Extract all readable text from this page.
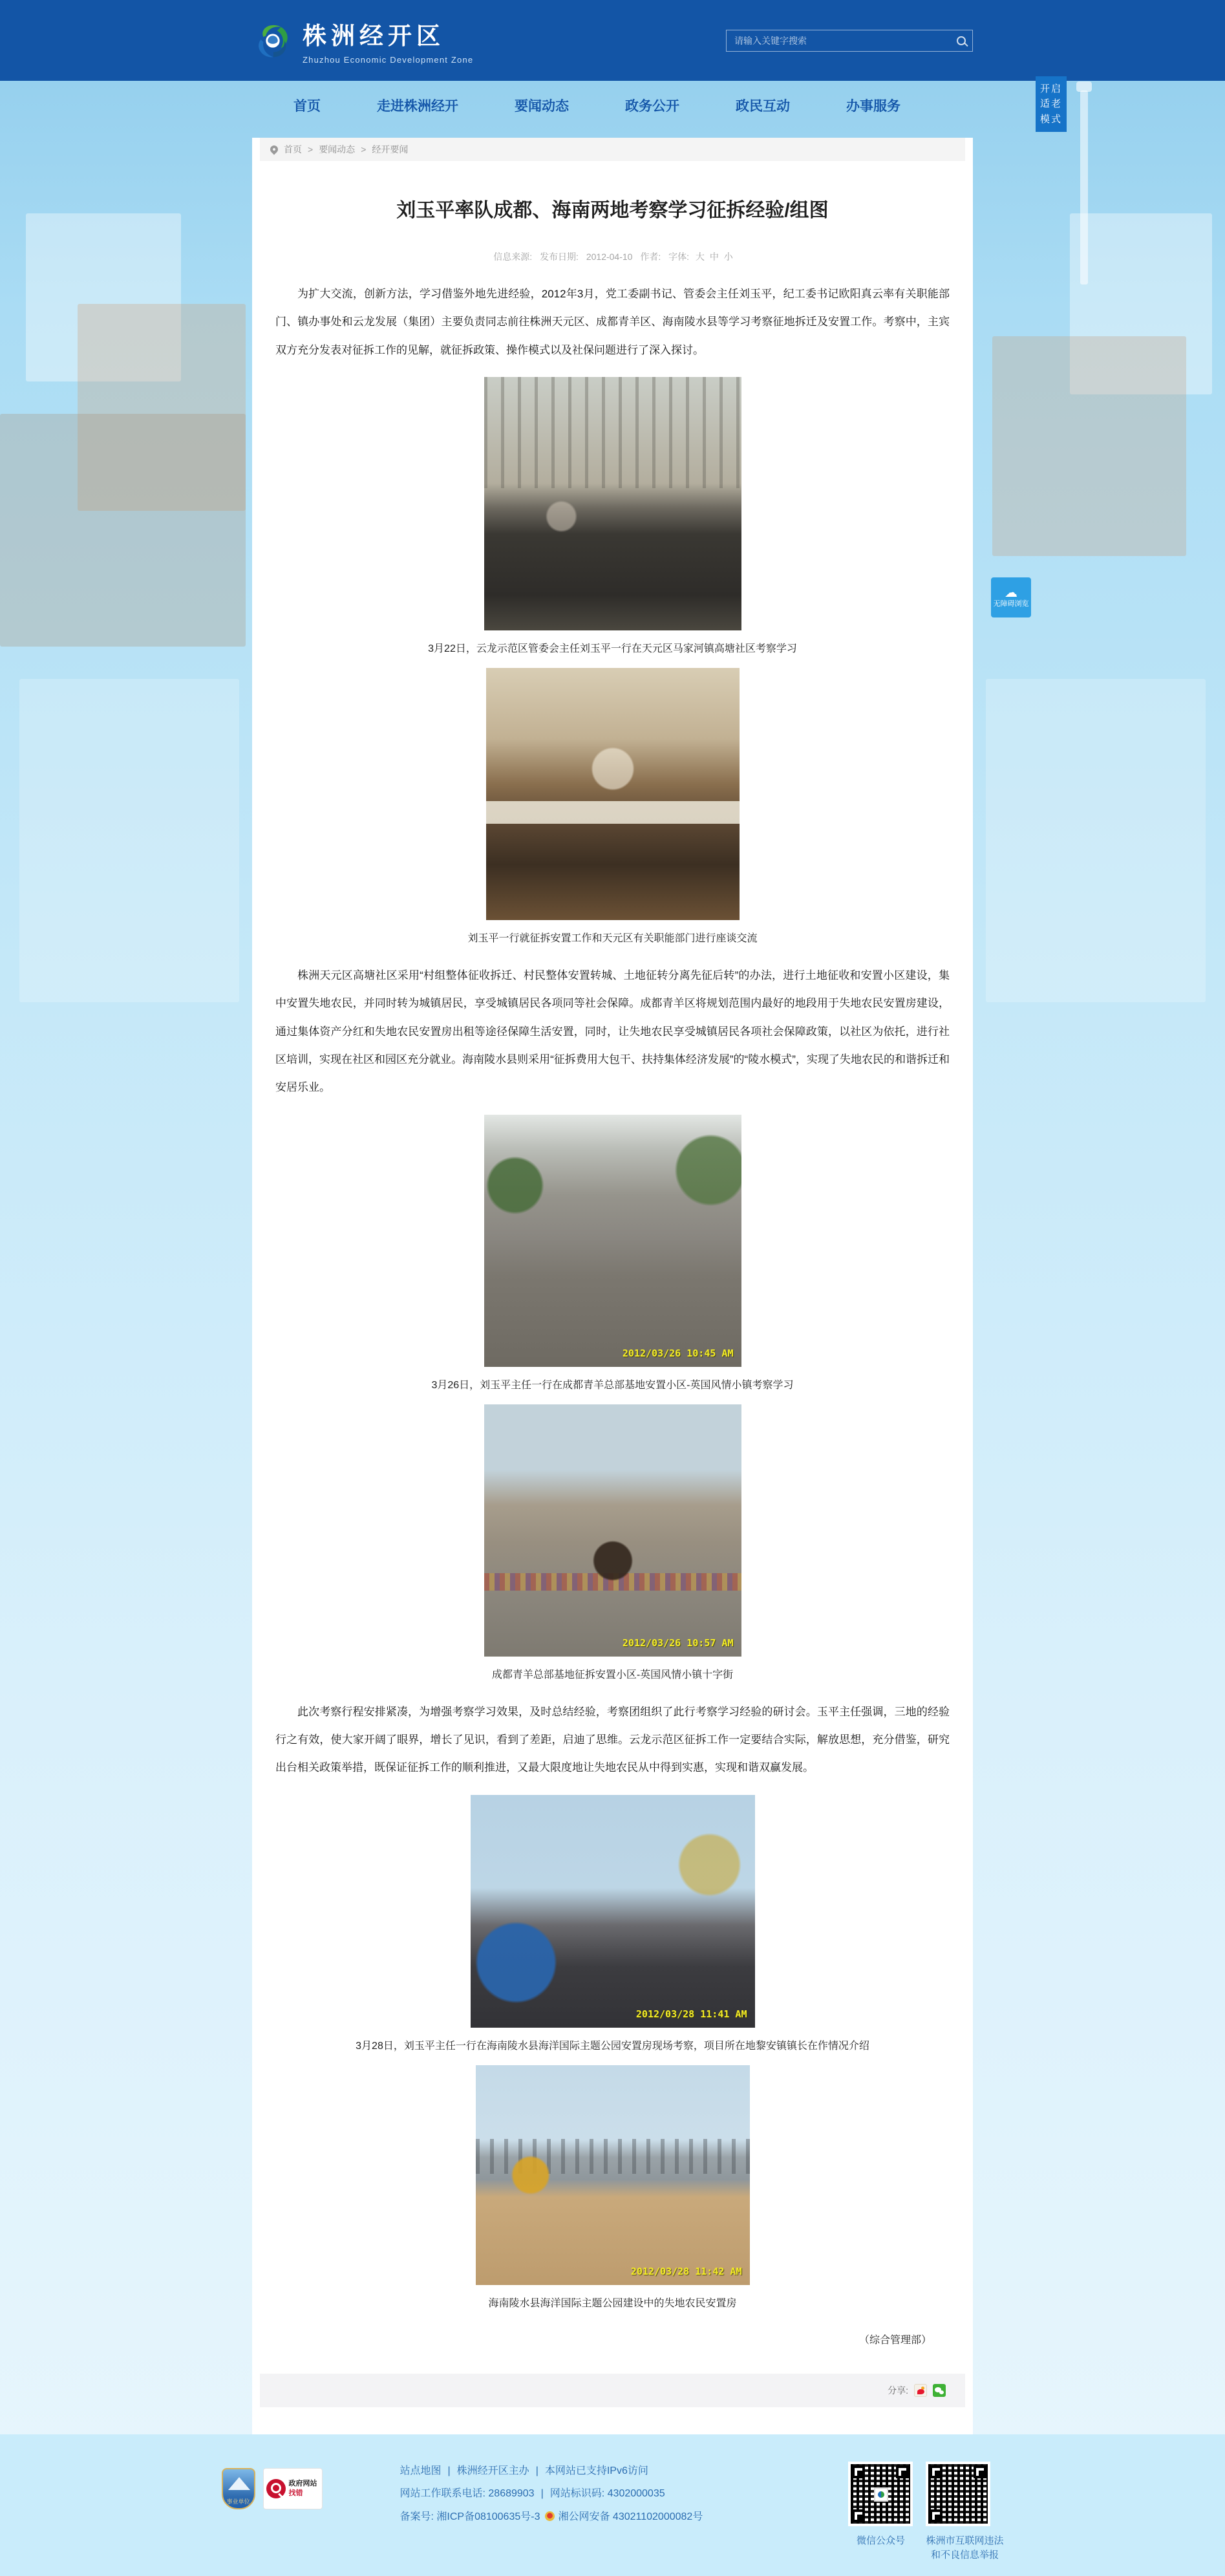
株洲经开区
Zhuzhou Economic Development Zone
请输入关键字搜索
首页	走进株洲经开	要闻动态	政务公开	政民互动	办事服务
开启适老模式
☁
无障碍浏览
首页 > 要闻动态 > 经开要闻
刘玉平率队成都、海南两地考察学习征拆经验/组图
信息来源: 发布日期: 2012-04-10 作者: 字体: 大 中 小

为扩大交流，创新方法，学习借鉴外地先进经验，2012年3月，党工委副书记、管委会主任刘玉平，纪工委书记欧阳真云率有关职能部门、镇办事处和云龙发展（集团）主要负责同志前往株洲天元区、成都青羊区、海南陵水县等学习考察征地拆迁及安置工作。考察中，主宾双方充分发表对征拆工作的见解，就征拆政策、操作模式以及社保问题进行了深入探讨。

3月22日，云龙示范区管委会主任刘玉平一行在天元区马家河镇高塘社区考察学习
刘玉平一行就征拆安置工作和天元区有关职能部门进行座谈交流

株洲天元区高塘社区采用“村组整体征收拆迁、村民整体安置转城、土地征转分离先征后转”的办法，进行土地征收和安置小区建设，集中安置失地农民，并同时转为城镇居民，享受城镇居民各项同等社会保障。成都青羊区将规划范围内最好的地段用于失地农民安置房建设，通过集体资产分红和失地农民安置房出租等途径保障生活安置，同时，让失地农民享受城镇居民各项社会保障政策，以社区为依托，进行社区培训，实现在社区和园区充分就业。海南陵水县则采用“征拆费用大包干、扶持集体经济发展”的“陵水模式”，实现了失地农民的和谐拆迁和安居乐业。

2012/03/26 10:45 AM
3月26日，刘玉平主任一行在成都青羊总部基地安置小区-英国风情小镇考察学习
2012/03/26 10:57 AM
成都青羊总部基地征拆安置小区-英国风情小镇十字街

此次考察行程安排紧凑，为增强考察学习效果，及时总结经验，考察团组织了此行考察学习经验的研讨会。玉平主任强调，三地的经验行之有效，使大家开阔了眼界，增长了见识，看到了差距，启迪了思维。云龙示范区征拆工作一定要结合实际，解放思想，充分借鉴，研究出台相关政策举措，既保证征拆工作的顺利推进，又最大限度地让失地农民从中得到实惠，实现和谐双赢发展。

2012/03/28 11:41 AM
3月28日，刘玉平主任一行在海南陵水县海洋国际主题公园安置房现场考察，项目所在地黎安镇镇长在作情况介绍
2012/03/28 11:42 AM
海南陵水县海洋国际主题公园建设中的失地农民安置房
（综合管理部）
分享:
事业单位
政府网站
找错
站点地图 | 株洲经开区主办 | 本网站已支持IPv6访问
网站工作联系电话: 28689903 | 网站标识码: 4302000035
备案号: 湘ICP备08100635号-3 湘公网安备 43021102000082号
微信公众号	株洲市互联网违法
和不良信息举报
